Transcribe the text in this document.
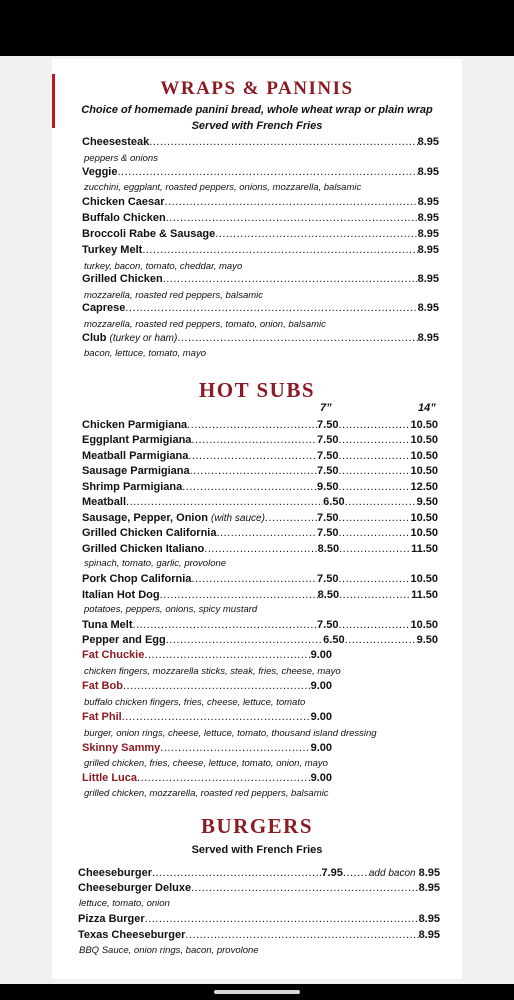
WRAPS & PANINIS
Choice of homemade panini bread, whole wheat wrap or plain wrap
Served with French Fries
Cheesesteak .....	8.95
peppers & onions
Veggie .....	8.95
zucchini, eggplant, roasted peppers, onions, mozzarella, balsamic
Chicken Caesar .....	8.95
Buffalo Chicken .....	8.95
Broccoli Rabe & Sausage .....	8.95
Turkey Melt .....	8.95
turkey, bacon, tomato, cheddar, mayo
Grilled Chicken .....	8.95
mozzarella, roasted red peppers, balsamic
Caprese .....	8.95
mozzarella, roasted red peppers, tomato, onion, balsamic
Club (turkey or ham) .....	8.95
bacon, lettuce, tomato, mayo
HOT SUBS
7”	14”
Chicken Parmigiana .....	7.50 .....	10.50
Eggplant Parmigiana .....	7.50 .....	10.50
Meatball Parmigiana .....	7.50 .....	10.50
Sausage Parmigiana .....	7.50 .....	10.50
Shrimp Parmigiana .....	9.50 .....	12.50
Meatball .....	6.50 .....	9.50
Sausage, Pepper, Onion (with sauce) .....	7.50 .....	10.50
Grilled Chicken California .....	7.50 .....	10.50
Grilled Chicken Italiano .....	8.50 .....	11.50
spinach, tomato, garlic, provolone
Pork Chop California .....	7.50 .....	10.50
Italian Hot Dog .....	8.50 .....	11.50
potatoes, peppers, onions, spicy mustard
Tuna Melt .....	7.50 .....	10.50
Pepper and Egg .....	6.50 .....	9.50
Fat Chuckie .....	9.00
chicken fingers, mozzarella sticks, steak, fries, cheese, mayo
Fat Bob .....	9.00
buffalo chicken fingers, fries, cheese, lettuce, tomato
Fat Phil .....	9.00
burger, onion rings, cheese, lettuce, tomato, thousand island dressing
Skinny Sammy .....	9.00
grilled chicken, fries, cheese, lettuce, tomato, onion, mayo
Little Luca .....	9.00
grilled chicken, mozzarella, roasted red peppers, balsamic
BURGERS
Served with French Fries
Cheeseburger .....	7.95 .....	add bacon 8.95
Cheeseburger Deluxe .....	8.95
lettuce, tomato, onion
Pizza Burger .....	8.95
Texas Cheeseburger .....	8.95
BBQ Sauce, onion rings, bacon, provolone
